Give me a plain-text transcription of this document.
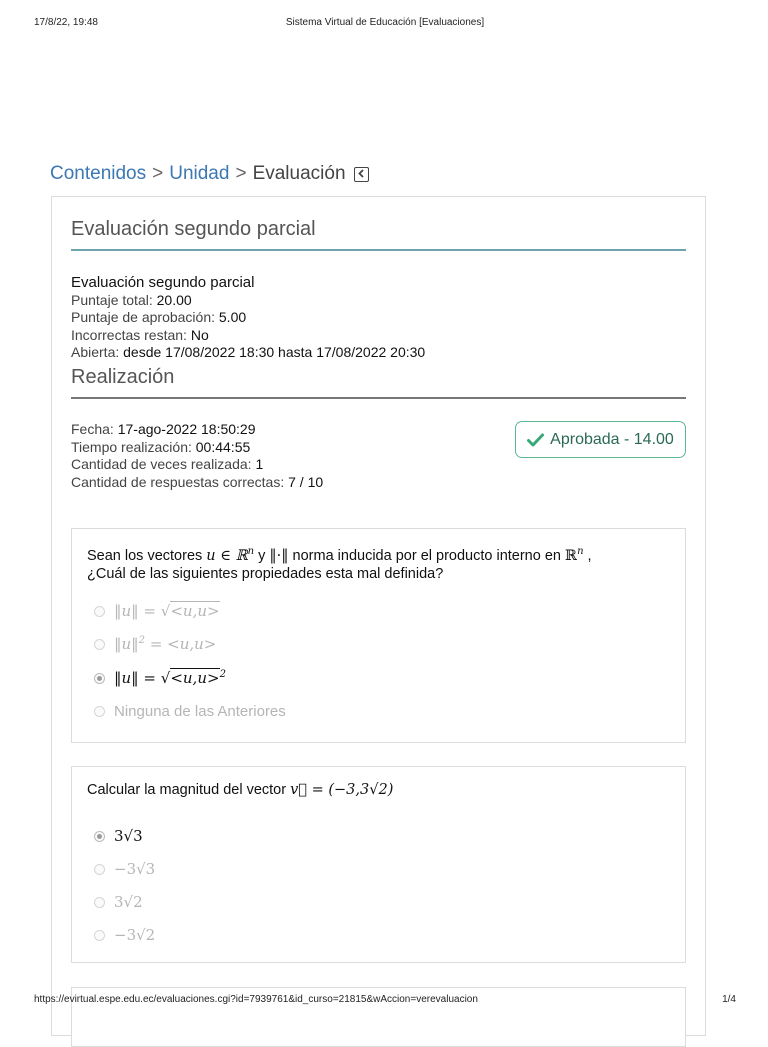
17/8/22, 19:48	Sistema Virtual de Educación [Evaluaciones]
Contenidos > Unidad > Evaluación
Evaluación segundo parcial
Evaluación segundo parcial
Puntaje total: 20.00
Puntaje de aprobación: 5.00
Incorrectas restan: No
Abierta: desde 17/08/2022 18:30 hasta 17/08/2022 20:30
Realización
Fecha: 17-ago-2022 18:50:29
Tiempo realización: 00:44:55
Cantidad de veces realizada: 1
Cantidad de respuestas correctas: 7 / 10
Aprobada - 14.00
Sean los vectores u ∈ ℝ$^n$ y ‖·‖ norma inducida por el producto interno en ℝ$^n$ ,
¿Cuál de las siguientes propiedades esta mal definida?
‖u‖ = √<u,u>
‖u‖$^2$ = <u,u>
‖u‖ = √<u,u>$^2$
Ninguna de las Anteriores
Calcular la magnitud del vector v⃗ = (−3,3√2)
3√3
−3√3
3√2
−3√2
https://evirtual.espe.edu.ec/evaluaciones.cgi?id=7939761&id_curso=21815&wAccion=verevaluacion	1/4
